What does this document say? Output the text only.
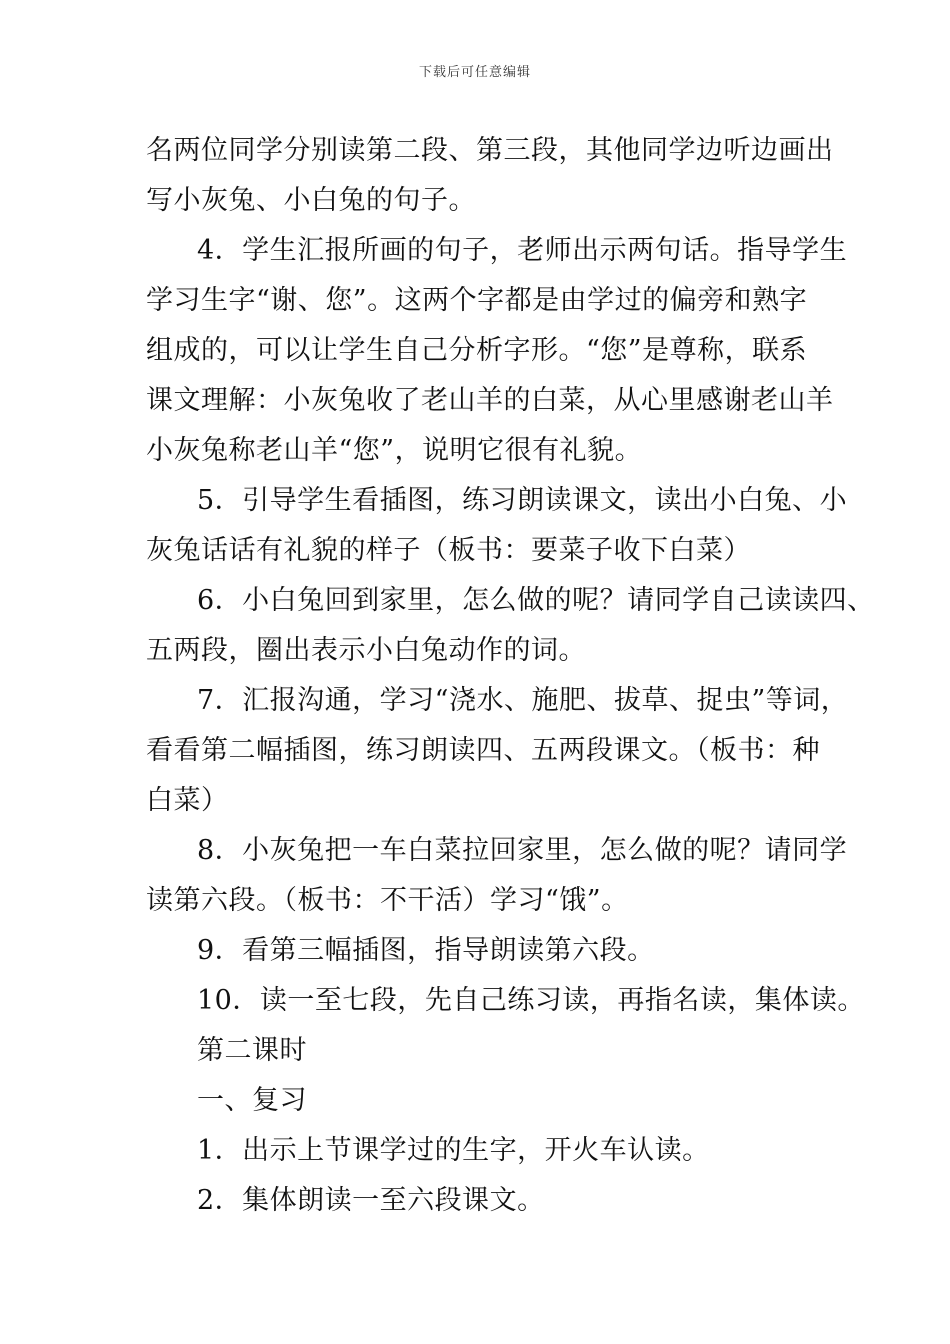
下载后可任意编辑
名两位同学分别读第二段、第三段，其他同学边听边画出
写小灰兔、小白兔的句子。
4．学生汇报所画的句子，老师出示两句话。指导学生
学习生字“谢、您”。这两个字都是由学过的偏旁和熟字
组成的，可以让学生自己分析字形。“您”是尊称，联系
课文理解：小灰兔收了老山羊的白菜，从心里感谢老山羊
小灰兔称老山羊“您”，说明它很有礼貌。
5．引导学生看插图，练习朗读课文，读出小白兔、小
灰兔话话有礼貌的样子（板书：要菜子收下白菜）
6．小白兔回到家里，怎么做的呢？请同学自己读读四、
五两段，圈出表示小白兔动作的词。
7．汇报沟通，学习“浇水、施肥、拔草、捉虫”等词，
看看第二幅插图，练习朗读四、五两段课文。（板书：种
白菜）
8．小灰兔把一车白菜拉回家里，怎么做的呢？请同学
读第六段。（板书：不干活）学习“饿”。
9．看第三幅插图，指导朗读第六段。
10．读一至七段，先自己练习读，再指名读，集体读。
第二课时
一、复习
1．出示上节课学过的生字，开火车认读。
2．集体朗读一至六段课文。
